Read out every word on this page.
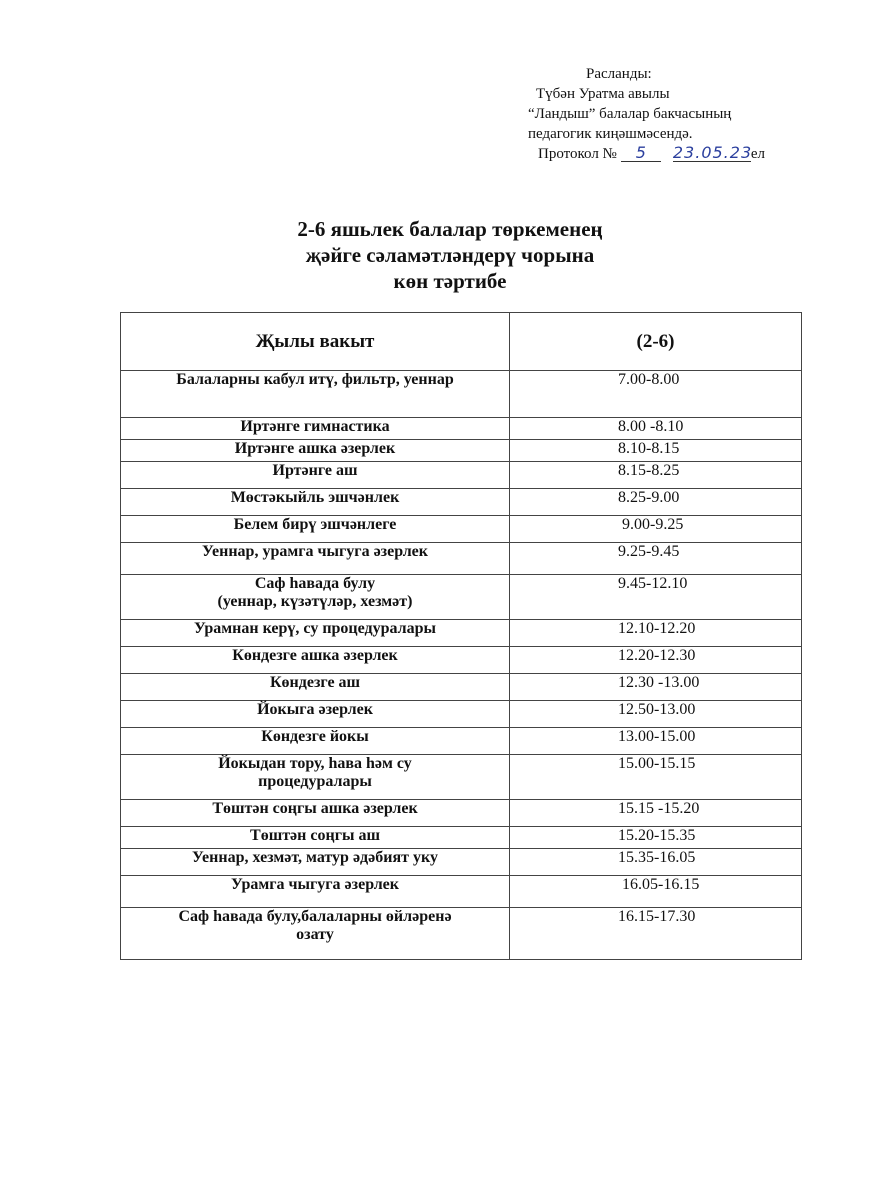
Расланды:
Түбән Уратма авылы
“Ландыш” балалар бакчасының
педагогик киңәшмәсендә.
Протокол № 5 23.05.23ел
2-6 яшьлек балалар төркеменең
җәйге сәламәтләндерү чорына
көн тәртибе
Җылы вакыт	(2-6)
Балаларны кабул итү, фильтр, уеннар	7.00-8.00
Иртәнге гимнастика	8.00 -8.10
Иртәнге ашка әзерлек	8.10-8.15
Иртәнге аш	8.15-8.25
Мөстәкыйль эшчәнлек	8.25-9.00
Белем бирү эшчәнлеге	9.00-9.25
Уеннар, урамга чыгуга әзерлек	9.25-9.45
Саф һавада булу
(уеннар, күзәтүләр, хезмәт)	9.45-12.10
Урамнан керү, су процедуралары	12.10-12.20
Көндезге ашка әзерлек	12.20-12.30
Көндезге аш	12.30 -13.00
Йокыга әзерлек	12.50-13.00
Көндезге йокы	13.00-15.00
Йокыдан тору, һава һәм су
процедуралары	15.00-15.15
Төштән соңгы ашка әзерлек	15.15 -15.20
Төштән соңгы аш	15.20-15.35
Уеннар, хезмәт, матур әдәбият уку	15.35-16.05
Урамга чыгуга әзерлек	16.05-16.15
Саф һавада булу,балаларны өйләренә
озату	16.15-17.30
